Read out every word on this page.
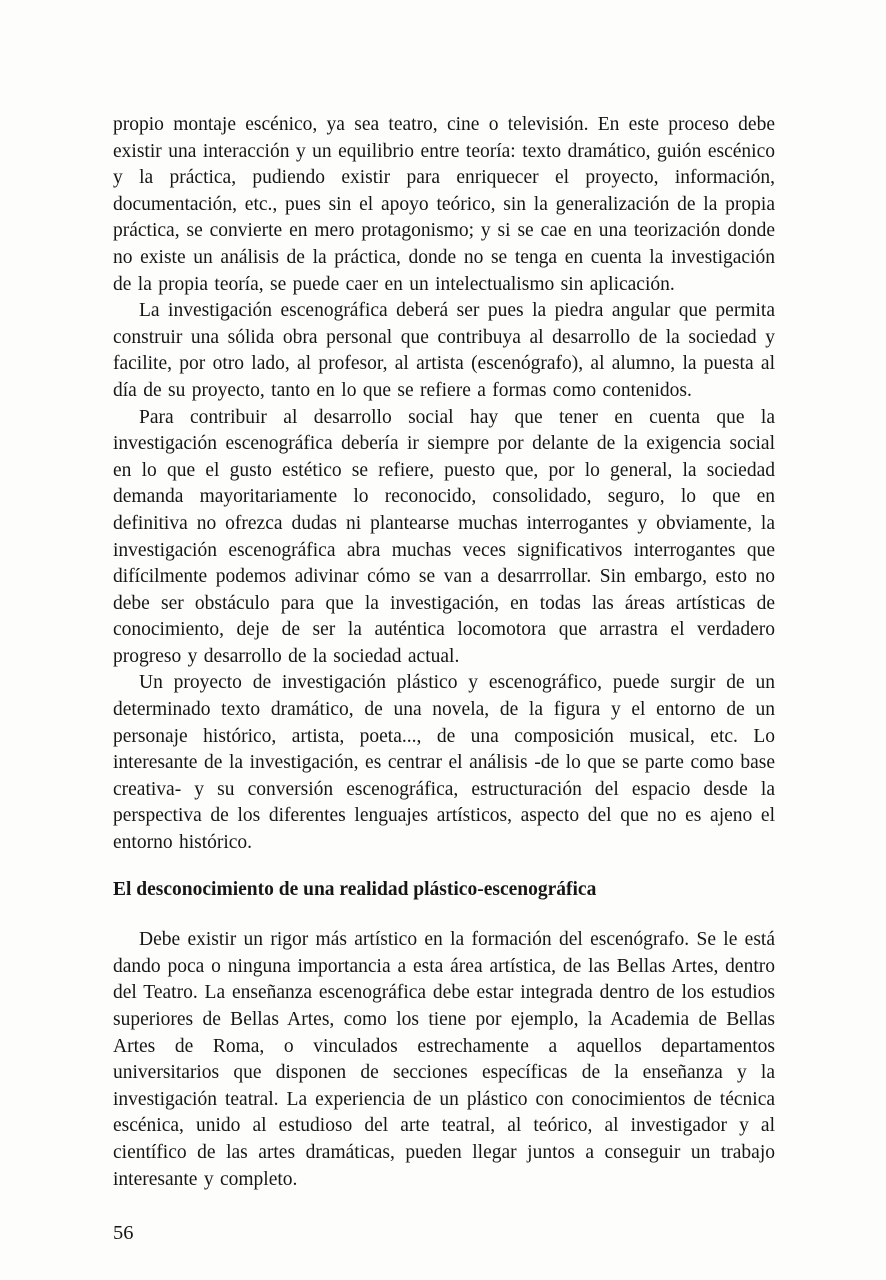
propio montaje escénico, ya sea teatro, cine o televisión. En este proceso debe existir una interacción y un equilibrio entre teoría: texto dramático, guión escénico y la práctica, pudiendo existir para enriquecer el proyecto, información, documentación, etc., pues sin el apoyo teórico, sin la generalización de la propia práctica, se convierte en mero protagonismo; y si se cae en una teorización donde no existe un análisis de la práctica, donde no se tenga en cuenta la investigación de la propia teoría, se puede caer en un intelectualismo sin aplicación.

La investigación escenográfica deberá ser pues la piedra angular que permita construir una sólida obra personal que contribuya al desarrollo de la sociedad y facilite, por otro lado, al profesor, al artista (escenógrafo), al alumno, la puesta al día de su proyecto, tanto en lo que se refiere a formas como contenidos.

Para contribuir al desarrollo social hay que tener en cuenta que la investigación escenográfica debería ir siempre por delante de la exigencia social en lo que el gusto estético se refiere, puesto que, por lo general, la sociedad demanda mayoritariamente lo reconocido, consolidado, seguro, lo que en definitiva no ofrezca dudas ni plantearse muchas interrogantes y obviamente, la investigación escenográfica abra muchas veces significativos interrogantes que difícilmente podemos adivinar cómo se van a desarrrollar. Sin embargo, esto no debe ser obstáculo para que la investigación, en todas las áreas artísticas de conocimiento, deje de ser la auténtica locomotora que arrastra el verdadero progreso y desarrollo de la sociedad actual.

Un proyecto de investigación plástico y escenográfico, puede surgir de un determinado texto dramático, de una novela, de la figura y el entorno de un personaje histórico, artista, poeta..., de una composición musical, etc. Lo interesante de la investigación, es centrar el análisis -de lo que se parte como base creativa- y su conversión escenográfica, estructuración del espacio desde la perspectiva de los diferentes lenguajes artísticos, aspecto del que no es ajeno el entorno histórico.

El desconocimiento de una realidad plástico-escenográfica

Debe existir un rigor más artístico en la formación del escenógrafo. Se le está dando poca o ninguna importancia a esta área artística, de las Bellas Artes, dentro del Teatro. La enseñanza escenográfica debe estar integrada dentro de los estudios superiores de Bellas Artes, como los tiene por ejemplo, la Academia de Bellas Artes de Roma, o vinculados estrechamente a aquellos departamentos universitarios que disponen de secciones específicas de la enseñanza y la investigación teatral. La experiencia de un plástico con conocimientos de técnica escénica, unido al estudioso del arte teatral, al teórico, al investigador y al científico de las artes dramáticas, pueden llegar juntos a conseguir un trabajo interesante y completo.

56
